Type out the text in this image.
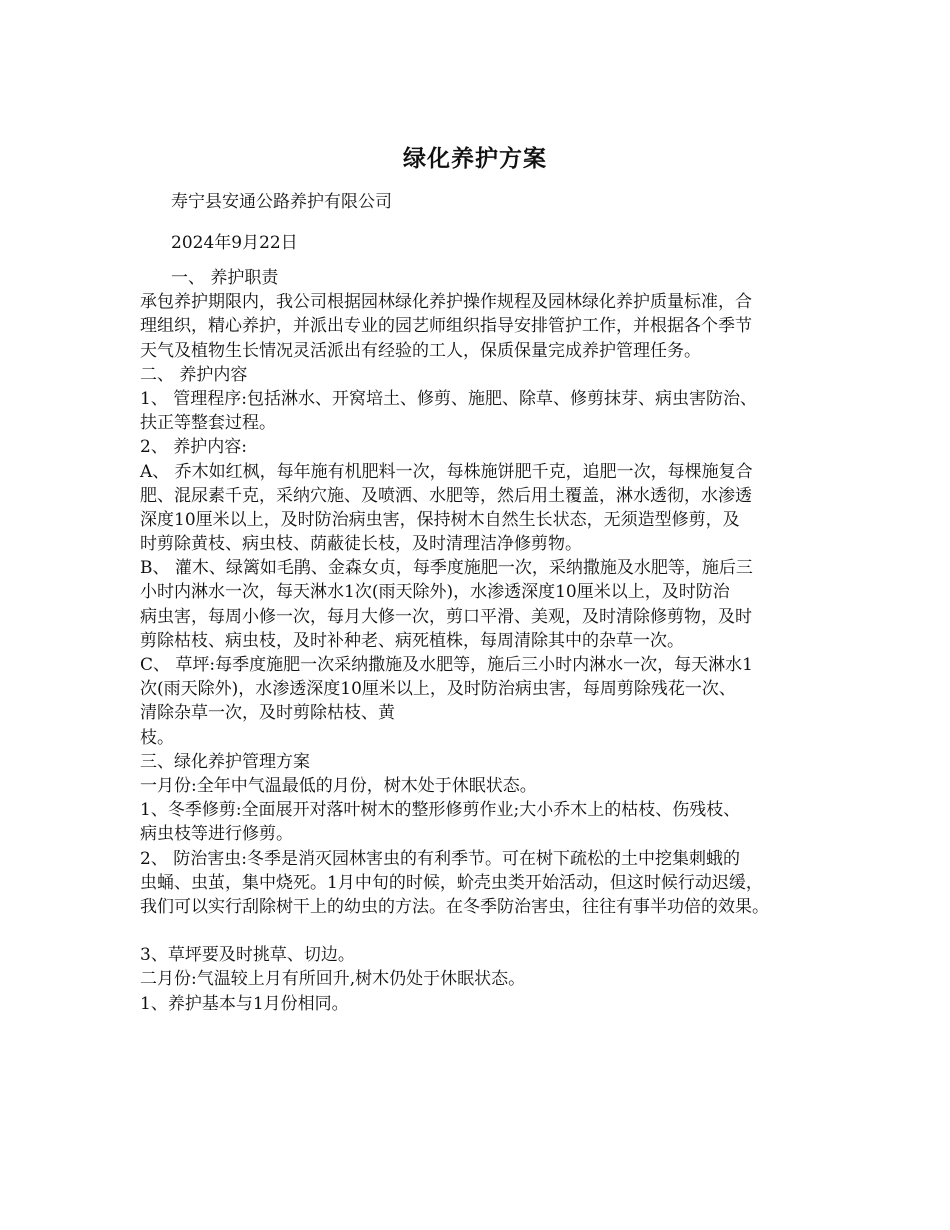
绿化养护方案
寿宁县安通公路养护有限公司
2024年9月22日
一、 养护职责
承包养护期限内，我公司根据园林绿化养护操作规程及园林绿化养护质量标准，合
理组织，精心养护，并派出专业的园艺师组织指导安排管护工作，并根据各个季节
天气及植物生长情况灵活派出有经验的工人，保质保量完成养护管理任务。
二、 养护内容
1、 管理程序:包括淋水、开窝培土、修剪、施肥、除草、修剪抹芽、病虫害防治、
扶正等整套过程。
2、 养护内容:
A、 乔木如红枫，每年施有机肥料一次，每株施饼肥千克，追肥一次，每棵施复合
肥、混尿素千克，采纳穴施、及喷洒、水肥等，然后用土覆盖，淋水透彻，水渗透
深度10厘米以上，及时防治病虫害，保持树木自然生长状态，无须造型修剪，及
时剪除黄枝、病虫枝、荫蔽徒长枝，及时清理洁净修剪物。
B、 灌木、绿篱如毛鹃、金森女贞，每季度施肥一次，采纳撒施及水肥等，施后三
小时内淋水一次，每天淋水1次(雨天除外)，水渗透深度10厘米以上，及时防治
病虫害，每周小修一次，每月大修一次，剪口平滑、美观，及时清除修剪物，及时
剪除枯枝、病虫枝，及时补种老、病死植株，每周清除其中的杂草一次。
C、 草坪:每季度施肥一次采纳撒施及水肥等，施后三小时内淋水一次，每天淋水1
次(雨天除外)，水渗透深度10厘米以上，及时防治病虫害，每周剪除残花一次、
清除杂草一次，及时剪除枯枝、黄
枝。
三、绿化养护管理方案
一月份:全年中气温最低的月份，树木处于休眠状态。
1、冬季修剪:全面展开对落叶树木的整形修剪作业;大小乔木上的枯枝、伤残枝、
病虫枝等进行修剪。
2、 防治害虫:冬季是消灭园林害虫的有利季节。可在树下疏松的土中挖集刺蛾的
虫蛹、虫茧，集中烧死。1月中旬的时候，蚧壳虫类开始活动，但这时候行动迟缓，
我们可以实行刮除树干上的幼虫的方法。在冬季防治害虫，往往有事半功倍的效果。
3、草坪要及时挑草、切边。
二月份:气温较上月有所回升,树木仍处于休眠状态。
1、养护基本与1月份相同。
